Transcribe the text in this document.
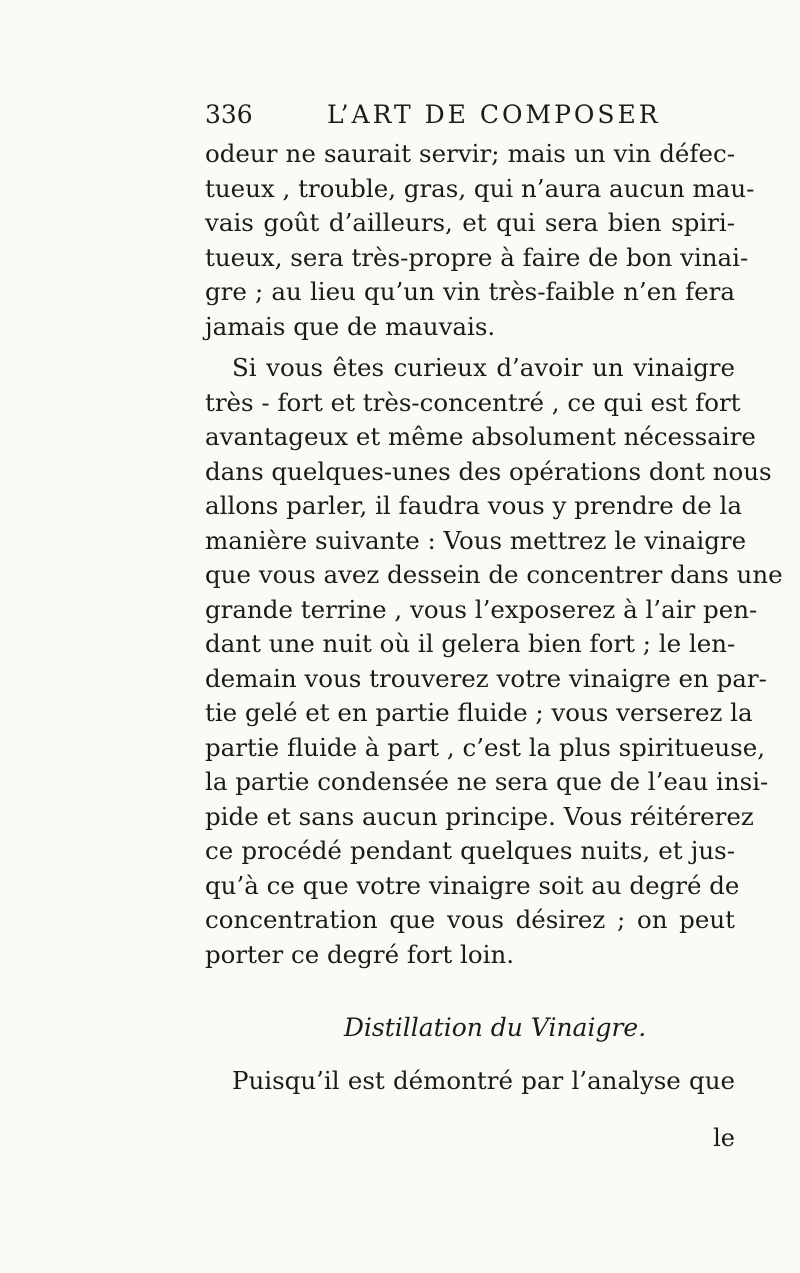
336	L’ART DE COMPOSER
odeur ne saurait servir; mais un vin défec-
tueux , trouble, gras, qui n’aura aucun mau-
vais goût d’ailleurs, et qui sera bien spiri-
tueux, sera très-propre à faire de bon vinai-
gre ; au lieu qu’un vin très-faible n’en fera
jamais que de mauvais.
Si vous êtes curieux d’avoir un vinaigre
très - fort et très-concentré , ce qui est fort
avantageux et même absolument nécessaire
dans quelques-unes des opérations dont nous
allons parler, il faudra vous y prendre de la
manière suivante : Vous mettrez le vinaigre
que vous avez dessein de concentrer dans une
grande terrine , vous l’exposerez à l’air pen-
dant une nuit où il gelera bien fort ; le len-
demain vous trouverez votre vinaigre en par-
tie gelé et en partie fluide ; vous verserez la
partie fluide à part , c’est la plus spiritueuse,
la partie condensée ne sera que de l’eau insi-
pide et sans aucun principe. Vous réitérerez
ce procédé pendant quelques nuits, et jus-
qu’à ce que votre vinaigre soit au degré de
concentration que vous désirez ; on peut
porter ce degré fort loin.
Distillation du Vinaigre.
Puisqu’il est démontré par l’analyse que
le
